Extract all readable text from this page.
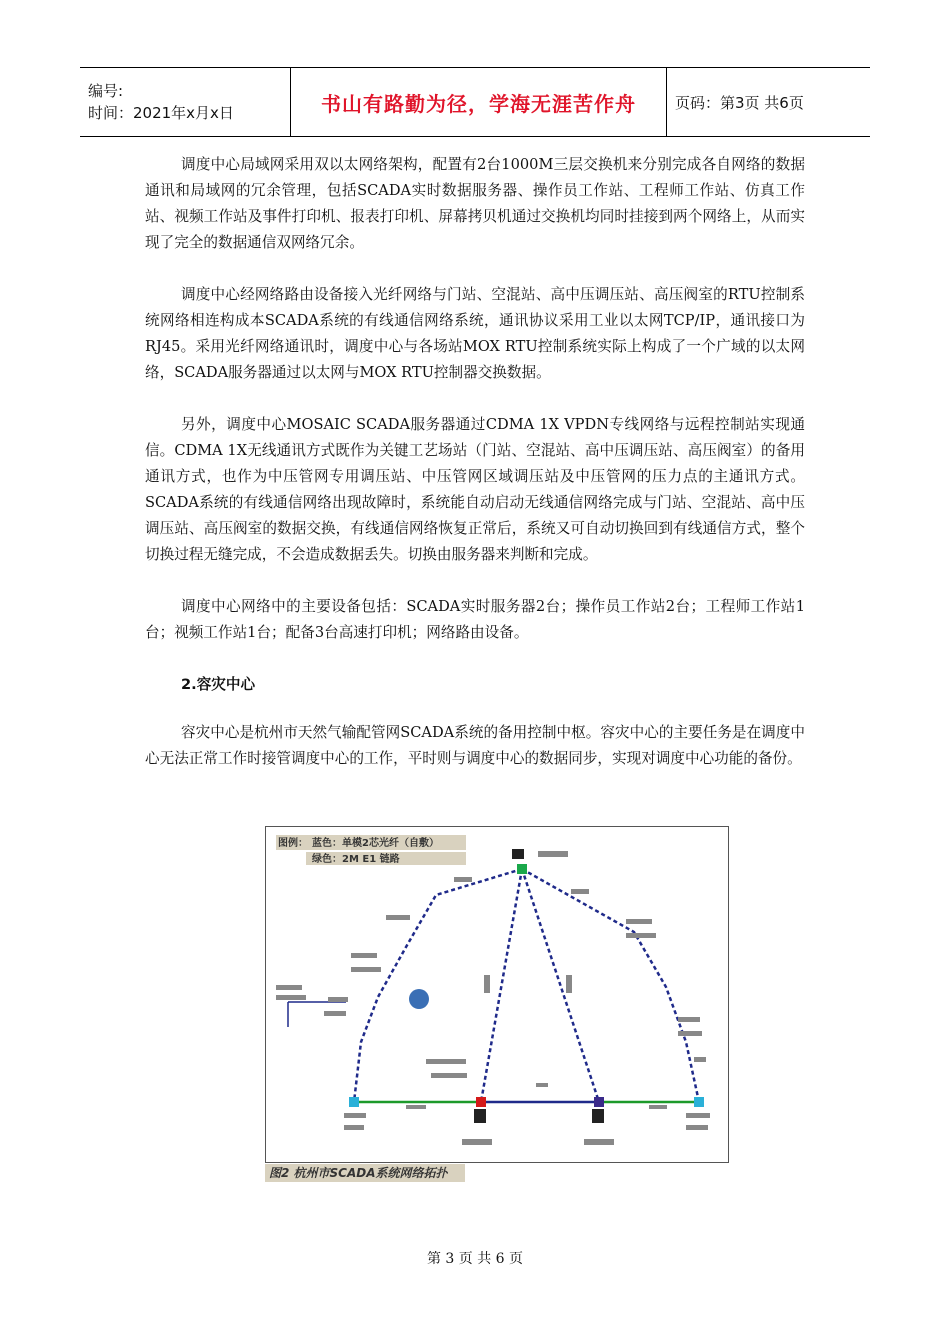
编号:
时间：2021年x月x日	书山有路勤为径，学海无涯苦作舟	页码：第3页 共6页

调度中心局域网采用双以太网络架构，配置有2台1000M三层交换机来分别完成各自网络的数据通讯和局域网的冗余管理，包括SCADA实时数据服务器、操作员工作站、工程师工作站、仿真工作站、视频工作站及事件打印机、报表打印机、屏幕拷贝机通过交换机均同时挂接到两个网络上，从而实现了完全的数据通信双网络冗余。

调度中心经网络路由设备接入光纤网络与门站、空混站、高中压调压站、高压阀室的RTU控制系统网络相连构成本SCADA系统的有线通信网络系统，通讯协议采用工业以太网TCP/IP，通讯接口为RJ45。采用光纤网络通讯时，调度中心与各场站MOX RTU控制系统实际上构成了一个广域的以太网络，SCADA服务器通过以太网与MOX RTU控制器交换数据。

另外，调度中心MOSAIC SCADA服务器通过CDMA 1X VPDN专线网络与远程控制站实现通信。CDMA 1X无线通讯方式既作为关键工艺场站（门站、空混站、高中压调压站、高压阀室）的备用通讯方式，也作为中压管网专用调压站、中压管网区域调压站及中压管网的压力点的主通讯方式。SCADA系统的有线通信网络出现故障时，系统能自动启动无线通信网络完成与门站、空混站、高中压调压站、高压阀室的数据交换，有线通信网络恢复正常后，系统又可自动切换回到有线通信方式，整个切换过程无缝完成，不会造成数据丢失。切换由服务器来判断和完成。

调度中心网络中的主要设备包括：SCADA实时服务器2台；操作员工作站2台；工程师工作站1台；视频工作站1台；配备3台高速打印机；网络路由设备。

2.容灾中心

容灾中心是杭州市天然气输配管网SCADA系统的备用控制中枢。容灾中心的主要任务是在调度中心无法正常工作时接管调度中心的工作，平时则与调度中心的数据同步，实现对调度中心功能的备份。

图例： 蓝色：单模2芯光纤（自敷）
绿色：2M E1 链路
图2 杭州市SCADA系统网络拓扑
第 3 页 共 6 页
